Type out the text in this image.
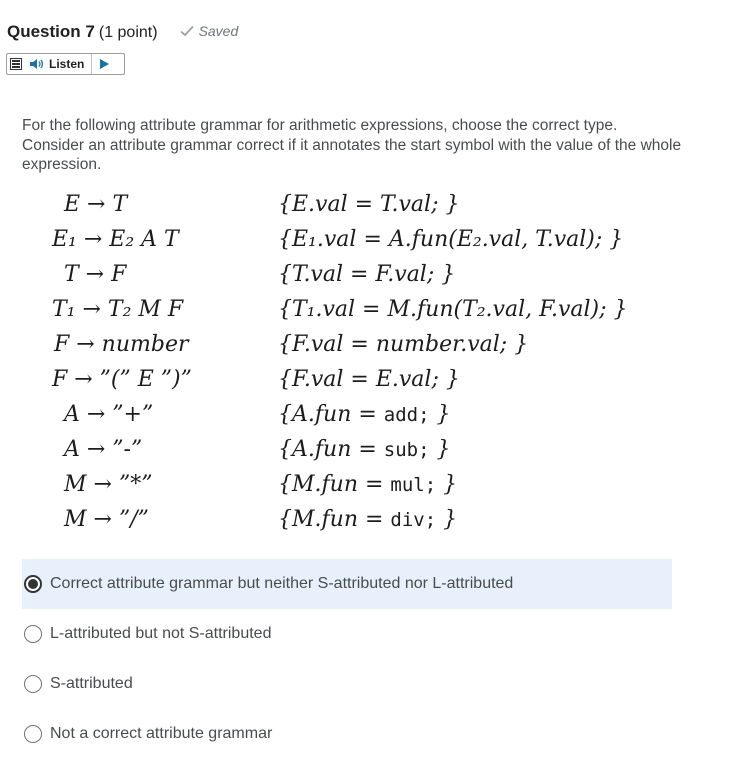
Question 7 (1 point)	Saved
Listen
For the following attribute grammar for arithmetic expressions, choose the correct type. Consider an attribute grammar correct if it annotates the start symbol with the value of the whole expression.
E → T	{E.val = T.val; }
E₁ → E₂ A T	{E₁.val = A.fun(E₂.val, T.val); }
T → F	{T.val = F.val; }
T₁ → T₂ M F	{T₁.val = M.fun(T₂.val, F.val); }
F → number	{F.val = number.val; }
F → ”(” E ”)”	{F.val = E.val; }
A → ”+”	{A.fun = add; }
A → ”-”	{A.fun = sub; }
M → ”*”	{M.fun = mul; }
M → ”/”	{M.fun = div; }
Correct attribute grammar but neither S-attributed nor L-attributed
L-attributed but not S-attributed
S-attributed
Not a correct attribute grammar
